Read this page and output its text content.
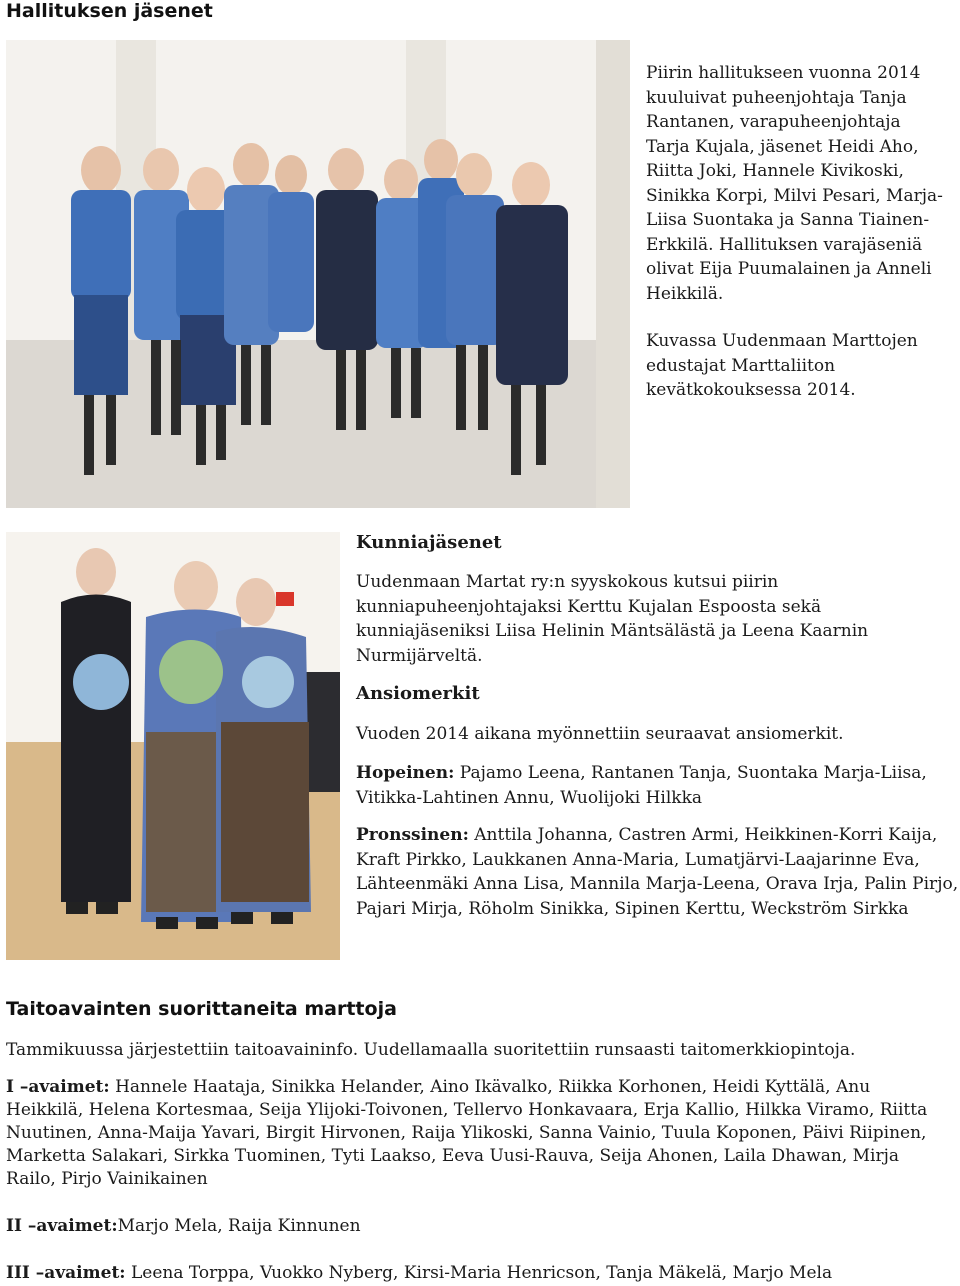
Hallituksen jäsenet
Piirin hallitukseen vuonna 2014 kuuluivat puheenjohtaja Tanja Rantanen, varapuheenjohtaja Tarja Kujala, jäsenet Heidi Aho, Riitta Joki, Hannele Kivikoski, Sinikka Korpi, Milvi Pesari, Marja-Liisa Suontaka ja Sanna Tiainen-Erkkilä. Hallituksen varajäseniä olivat Eija Puumalainen ja Anneli Heikkilä.
Kuvassa Uudenmaan Marttojen edustajat Marttaliiton kevätkokouksessa 2014.
Kunniajäsenet
Uudenmaan Martat ry:n syyskokous kutsui piirin kunniapuheenjohtajaksi Kerttu Kujalan Espoosta sekä kunniajäseniksi Liisa Helinin Mäntsälästä ja Leena Kaarnin Nurmijärveltä.
Ansiomerkit
Vuoden 2014 aikana myönnettiin seuraavat ansiomerkit.
Hopeinen: Pajamo Leena, Rantanen Tanja, Suontaka Marja-Liisa, Vitikka-Lahtinen Annu, Wuolijoki Hilkka
Pronssinen: Anttila Johanna, Castren Armi, Heikkinen-Korri Kaija, Kraft Pirkko, Laukkanen Anna-Maria, Lumatjärvi-Laajarinne Eva, Lähteenmäki Anna Lisa, Mannila Marja-Leena, Orava Irja, Palin Pirjo, Pajari Mirja, Röholm Sinikka, Sipinen Kerttu, Weckström Sirkka
Taitoavainten suorittaneita marttoja
Tammikuussa järjestettiin taitoavaininfo. Uudellamaalla suoritettiin runsaasti taitomerkkiopintoja.
I –avaimet: Hannele Haataja, Sinikka Helander, Aino Ikävalko, Riikka Korhonen, Heidi Kyttälä, Anu Heikkilä, Helena Kortesmaa, Seija Ylijoki-Toivonen, Tellervo Honkavaara, Erja Kallio, Hilkka Viramo, Riitta Nuutinen, Anna-Maija Yavari, Birgit Hirvonen, Raija Ylikoski, Sanna Vainio, Tuula Koponen, Päivi Riipinen, Marketta Salakari, Sirkka Tuominen, Tyti Laakso, Eeva Uusi-Rauva, Seija Ahonen, Laila Dhawan, Mirja Railo, Pirjo Vainikainen
II –avaimet:Marjo Mela, Raija Kinnunen
III –avaimet: Leena Torppa, Vuokko Nyberg, Kirsi-Maria Henricson, Tanja Mäkelä, Marjo Mela
